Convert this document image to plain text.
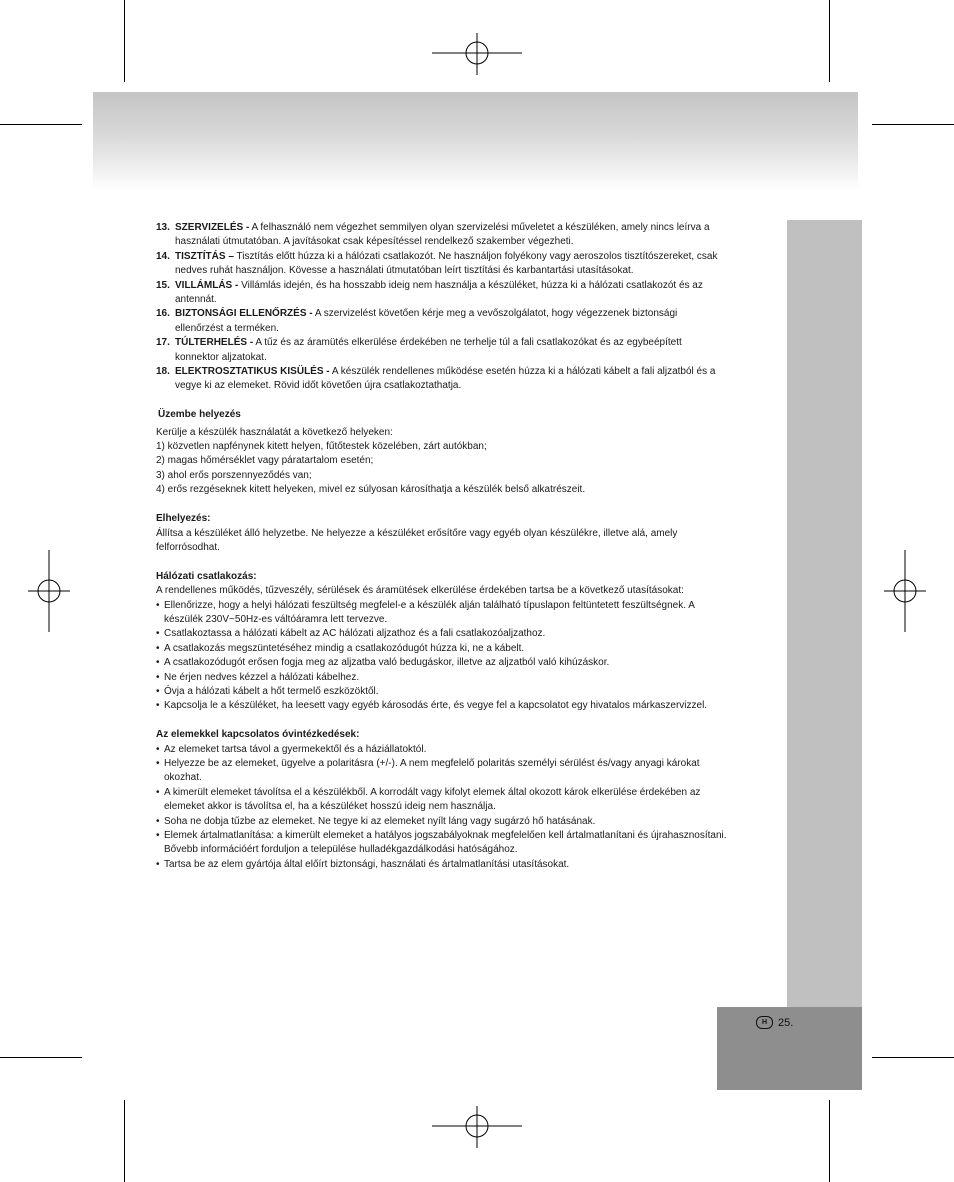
H 25.
13. SZERVIZELÉS - A felhasználó nem végezhet semmilyen olyan szervizelési műveletet a készüléken, amely nincs leírva a használati útmutatóban. A javításokat csak képesítéssel rendelkező szakember végezheti.
14. TISZTÍTÁS – Tisztítás előtt húzza ki a hálózati csatlakozót. Ne használjon folyékony vagy aeroszolos tisztítószereket, csak nedves ruhát használjon. Kövesse a használati útmutatóban leírt tisztítási és karbantartási utasításokat.
15. VILLÁMLÁS - Villámlás idején, és ha hosszabb ideig nem használja a készüléket, húzza ki a hálózati csatlakozót és az antennát.
16. BIZTONSÁGI ELLENŐRZÉS - A szervizelést követően kérje meg a vevőszolgálatot, hogy végezzenek biztonsági ellenőrzést a terméken.
17. TÚLTERHELÉS - A tűz és az áramütés elkerülése érdekében ne terhelje túl a fali csatlakozókat és az egybeépített konnektor aljzatokat.
18. ELEKTROSZTATIKUS KISÜLÉS - A készülék rendellenes működése esetén húzza ki a hálózati kábelt a fali aljzatból és a vegye ki az elemeket. Rövid időt követően újra csatlakoztathatja.
Üzembe helyezés

Kerülje a készülék használatát a következő helyeken:

1) közvetlen napfénynek kitett helyen, fűtőtestek közelében, zárt autókban;

2) magas hőmérséklet vagy páratartalom esetén;

3) ahol erős porszennyeződés van;

4) erős rezgéseknek kitett helyeken, mivel ez súlyosan károsíthatja a készülék belső alkatrészeit.

Elhelyezés:

Állítsa a készüléket álló helyzetbe. Ne helyezze a készüléket erősítőre vagy egyéb olyan készülékre, illetve alá, amely felforrósodhat.

Hálózati csatlakozás:

A rendellenes működés, tűzveszély, sérülések és áramütések elkerülése érdekében tartsa be a következő utasításokat:

• Ellenőrizze, hogy a helyi hálózati feszültség megfelel-e a készülék alján található típuslapon feltüntetett feszültségnek. A készülék 230V~50Hz-es váltóáramra lett tervezve.
• Csatlakoztassa a hálózati kábelt az AC hálózati aljzathoz és a fali csatlakozóaljzathoz.
• A csatlakozás megszüntetéséhez mindig a csatlakozódugót húzza ki, ne a kábelt.
• A csatlakozódugót erősen fogja meg az aljzatba való bedugáskor, illetve az aljzatból való kihúzáskor.
• Ne érjen nedves kézzel a hálózati kábelhez.
• Óvja a hálózati kábelt a hőt termelő eszközöktől.
• Kapcsolja le a készüléket, ha leesett vagy egyéb károsodás érte, és vegye fel a kapcsolatot egy hivatalos márkaszervizzel.
Az elemekkel kapcsolatos óvintézkedések:
• Az elemeket tartsa távol a gyermekektől és a háziállatoktól.
• Helyezze be az elemeket, ügyelve a polaritásra (+/-). A nem megfelelő polaritás személyi sérülést és/vagy anyagi károkat okozhat.
• A kimerült elemeket távolítsa el a készülékből. A korrodált vagy kifolyt elemek által okozott károk elkerülése érdekében az elemeket akkor is távolítsa el, ha a készüléket hosszú ideig nem használja.
• Soha ne dobja tűzbe az elemeket. Ne tegye ki az elemeket nyílt láng vagy sugárzó hő hatásának.
• Elemek ártalmatlanítása: a kimerült elemeket a hatályos jogszabályoknak megfelelően kell ártalmatlanítani és újrahasznosítani. Bővebb információért forduljon a települése hulladékgazdálkodási hatóságához.
• Tartsa be az elem gyártója által előírt biztonsági, használati és ártalmatlanítási utasításokat.
